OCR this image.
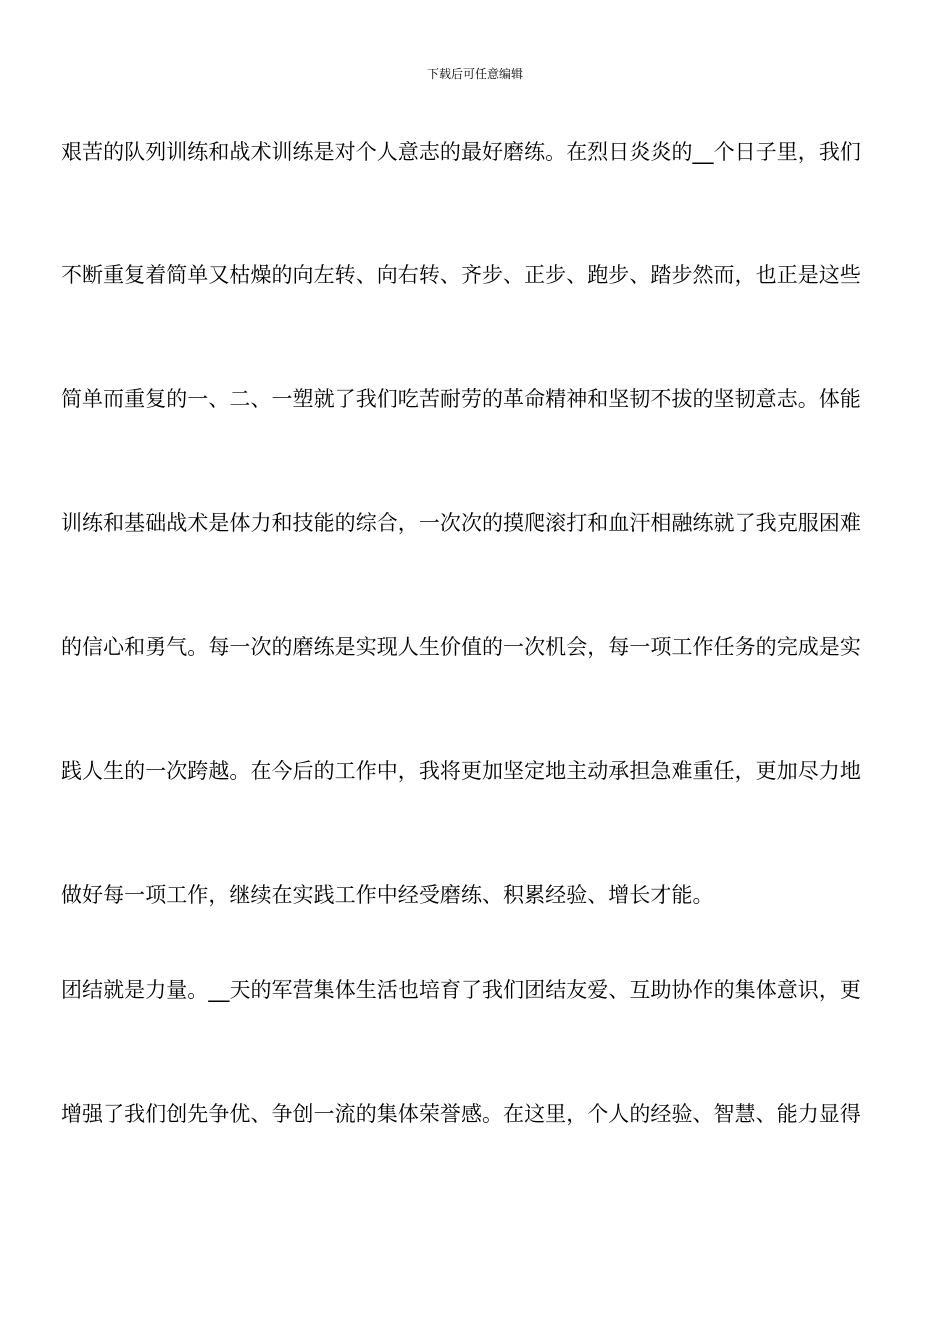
下载后可任意编辑
艰苦的队列训练和战术训练是对个人意志的最好磨练。在烈日炎炎的__个日子里，我们
不断重复着简单又枯燥的向左转、向右转、齐步、正步、跑步、踏步然而，也正是这些
简单而重复的一、二、一塑就了我们吃苦耐劳的革命精神和坚韧不拔的坚韧意志。体能
训练和基础战术是体力和技能的综合，一次次的摸爬滚打和血汗相融练就了我克服困难
的信心和勇气。每一次的磨练是实现人生价值的一次机会，每一项工作任务的完成是实
践人生的一次跨越。在今后的工作中，我将更加坚定地主动承担急难重任，更加尽力地
做好每一项工作，继续在实践工作中经受磨练、积累经验、增长才能。
团结就是力量。__天的军营集体生活也培育了我们团结友爱、互助协作的集体意识，更
增强了我们创先争优、争创一流的集体荣誉感。在这里，个人的经验、智慧、能力显得
